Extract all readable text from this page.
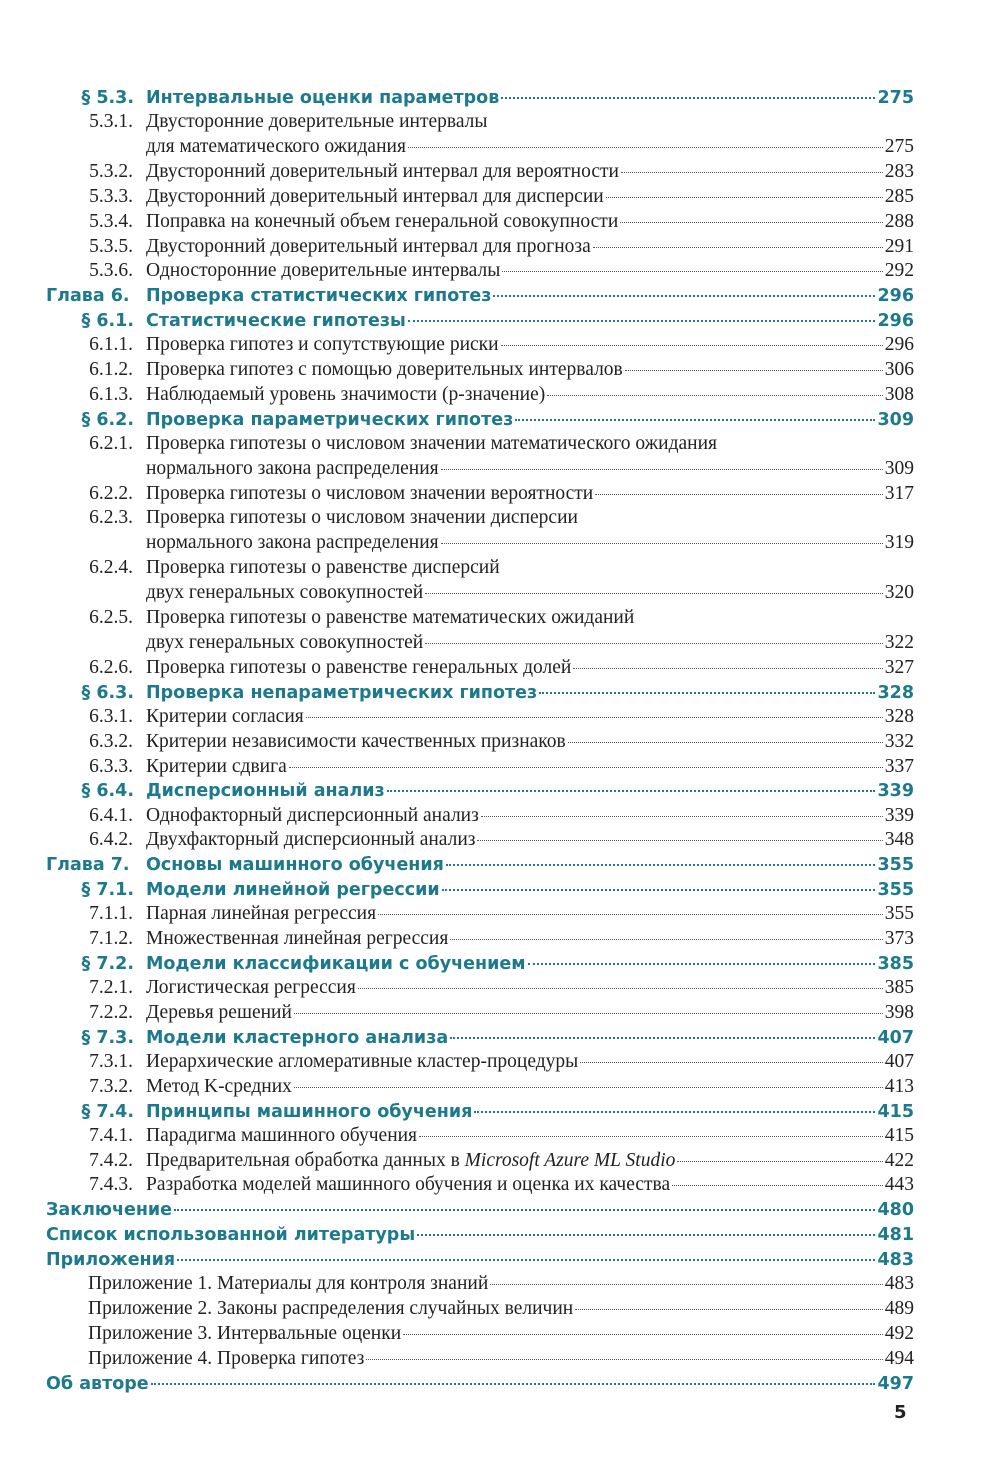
§ 5.3. Интервальные оценки параметров	275
5.3.1. Двусторонние доверительные интервалы
для математического ожидания	275
5.3.2. Двусторонний доверительный интервал для вероятности	283
5.3.3. Двусторонний доверительный интервал для дисперсии	285
5.3.4. Поправка на конечный объем генеральной совокупности	288
5.3.5. Двусторонний доверительный интервал для прогноза	291
5.3.6. Односторонние доверительные интервалы	292
Глава 6. Проверка статистических гипотез	296
§ 6.1. Статистические гипотезы	296
6.1.1. Проверка гипотез и сопутствующие риски	296
6.1.2. Проверка гипотез с помощью доверительных интервалов	306
6.1.3. Наблюдаемый уровень значимости (p-значение)	308
§ 6.2. Проверка параметрических гипотез	309
6.2.1. Проверка гипотезы о числовом значении математического ожидания
нормального закона распределения	309
6.2.2. Проверка гипотезы о числовом значении вероятности	317
6.2.3. Проверка гипотезы о числовом значении дисперсии
нормального закона распределения	319
6.2.4. Проверка гипотезы о равенстве дисперсий
двух генеральных совокупностей	320
6.2.5. Проверка гипотезы о равенстве математических ожиданий
двух генеральных совокупностей	322
6.2.6. Проверка гипотезы о равенстве генеральных долей	327
§ 6.3. Проверка непараметрических гипотез	328
6.3.1. Критерии согласия	328
6.3.2. Критерии независимости качественных признаков	332
6.3.3. Критерии сдвига	337
§ 6.4. Дисперсионный анализ	339
6.4.1. Однофакторный дисперсионный анализ	339
6.4.2. Двухфакторный дисперсионный анализ	348
Глава 7. Основы машинного обучения	355
§ 7.1. Модели линейной регрессии	355
7.1.1. Парная линейная регрессия	355
7.1.2. Множественная линейная регрессия	373
§ 7.2. Модели классификации с обучением	385
7.2.1. Логистическая регрессия	385
7.2.2. Деревья решений	398
§ 7.3. Модели кластерного анализа	407
7.3.1. Иерархические агломеративные кластер-процедуры	407
7.3.2. Метод K-средних	413
§ 7.4. Принципы машинного обучения	415
7.4.1. Парадигма машинного обучения	415
7.4.2. Предварительная обработка данных в Microsoft Azure ML Studio	422
7.4.3. Разработка моделей машинного обучения и оценка их качества	443
Заключение	480
Список использованной литературы	481
Приложения	483
Приложение 1. Материалы для контроля знаний	483
Приложение 2. Законы распределения случайных величин	489
Приложение 3. Интервальные оценки	492
Приложение 4. Проверка гипотез	494
Об авторе	497
5
